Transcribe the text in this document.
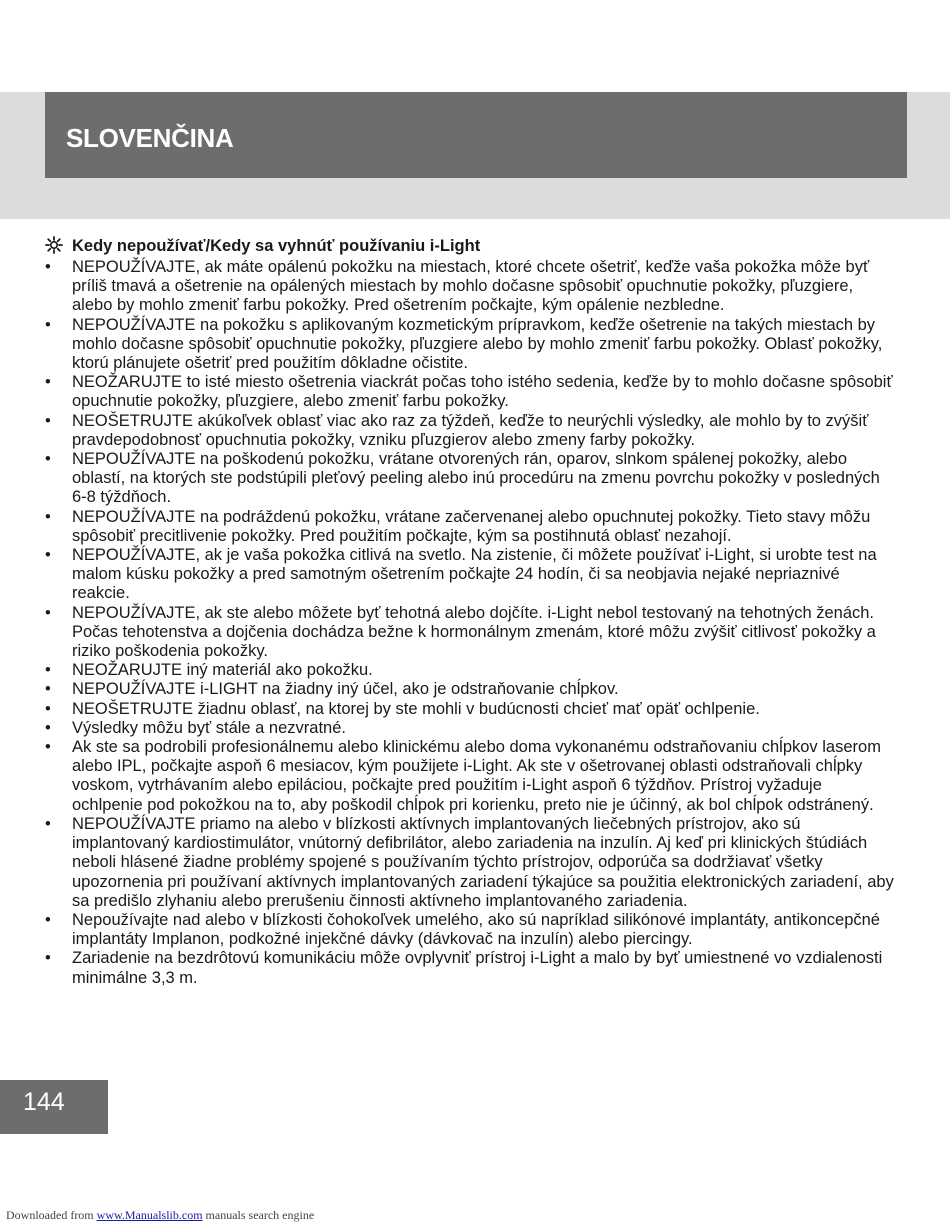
SLOVENČINA
Kedy nepoužívať/Kedy sa vyhnúť používaniu i-Light
• NEPOUŽÍVAJTE, ak máte opálenú pokožku na miestach, ktoré chcete ošetriť, keďže vaša pokožka môže byť príliš tmavá a ošetrenie na opálených miestach by mohlo dočasne spôsobiť opuchnutie pokožky, pľuzgiere, alebo by mohlo zmeniť farbu pokožky. Pred ošetrením počkajte, kým opálenie nezbledne.
• NEPOUŽÍVAJTE na pokožku s aplikovaným kozmetickým prípravkom, keďže ošetrenie na takých miestach by mohlo dočasne spôsobiť opuchnutie pokožky, pľuzgiere alebo by mohlo zmeniť farbu pokožky. Oblasť pokožky, ktorú plánujete ošetriť pred použitím dôkladne očistite.
• NEOŽARUJTE to isté miesto ošetrenia viackrát počas toho istého sedenia, keďže by to mohlo dočasne spôsobiť opuchnutie pokožky, pľuzgiere, alebo zmeniť farbu pokožky.
• NEOŠETRUJTE akúkoľvek oblasť viac ako raz za týždeň, keďže to neurýchli výsledky, ale mohlo by to zvýšiť pravdepodobnosť opuchnutia pokožky, vzniku pľuzgierov alebo zmeny farby pokožky.
• NEPOUŽÍVAJTE na poškodenú pokožku, vrátane otvorených rán, oparov, slnkom spálenej pokožky, alebo oblastí, na ktorých ste podstúpili pleťový peeling alebo inú procedúru na zmenu povrchu pokožky v posledných 6-8 týždňoch.
• NEPOUŽÍVAJTE na podráždenú pokožku, vrátane začervenanej alebo opuchnutej pokožky. Tieto stavy môžu spôsobiť precitlivenie pokožky. Pred použitím počkajte, kým sa postihnutá oblasť nezahojí.
• NEPOUŽÍVAJTE, ak je vaša pokožka citlivá na svetlo. Na zistenie, či môžete používať i-Light, si urobte test na malom kúsku pokožky a pred samotným ošetrením počkajte 24 hodín, či sa neobjavia nejaké nepriaznivé reakcie.
• NEPOUŽÍVAJTE, ak ste alebo môžete byť tehotná alebo dojčíte. i-Light nebol testovaný na tehotných ženách. Počas tehotenstva a dojčenia dochádza bežne k hormonálnym zmenám, ktoré môžu zvýšiť citlivosť pokožky a riziko poškodenia pokožky.
• NEOŽARUJTE iný materiál ako pokožku.
• NEPOUŽÍVAJTE i-LIGHT na žiadny iný účel, ako je odstraňovanie chĺpkov.
• NEOŠETRUJTE žiadnu oblasť, na ktorej by ste mohli v budúcnosti chcieť mať opäť ochlpenie.
• Výsledky môžu byť stále a nezvratné.
• Ak ste sa podrobili profesionálnemu alebo klinickému alebo doma vykonanému odstraňovaniu chĺpkov laserom alebo IPL, počkajte aspoň 6 mesiacov, kým použijete i-Light. Ak ste v ošetrovanej oblasti odstraňovali chĺpky voskom, vytrhávaním alebo epiláciou, počkajte pred použitím i-Light aspoň 6 týždňov. Prístroj vyžaduje ochlpenie pod pokožkou na to, aby poškodil chĺpok pri korienku, preto nie je účinný, ak bol chĺpok odstránený.
• NEPOUŽÍVAJTE priamo na alebo v blízkosti aktívnych implantovaných liečebných prístrojov, ako sú implantovaný kardiostimulátor, vnútorný defibrilátor, alebo zariadenia na inzulín. Aj keď pri klinických štúdiách neboli hlásené žiadne problémy spojené s používaním týchto prístrojov, odporúča sa dodržiavať všetky upozornenia pri používaní aktívnych implantovaných zariadení týkajúce sa použitia elektronických zariadení, aby sa predišlo zlyhaniu alebo prerušeniu činnosti aktívneho implantovaného zariadenia.
• Nepoužívajte nad alebo v blízkosti čohokoľvek umelého, ako sú napríklad silikónové implantáty, antikoncepčné implantáty Implanon, podkožné injekčné dávky (dávkovač na inzulín) alebo piercingy.
• Zariadenie na bezdrôtovú komunikáciu môže ovplyvniť prístroj i-Light a malo by byť umiestnené vo vzdialenosti minimálne 3,3 m.
144
Downloaded from www.Manualslib.com manuals search engine
